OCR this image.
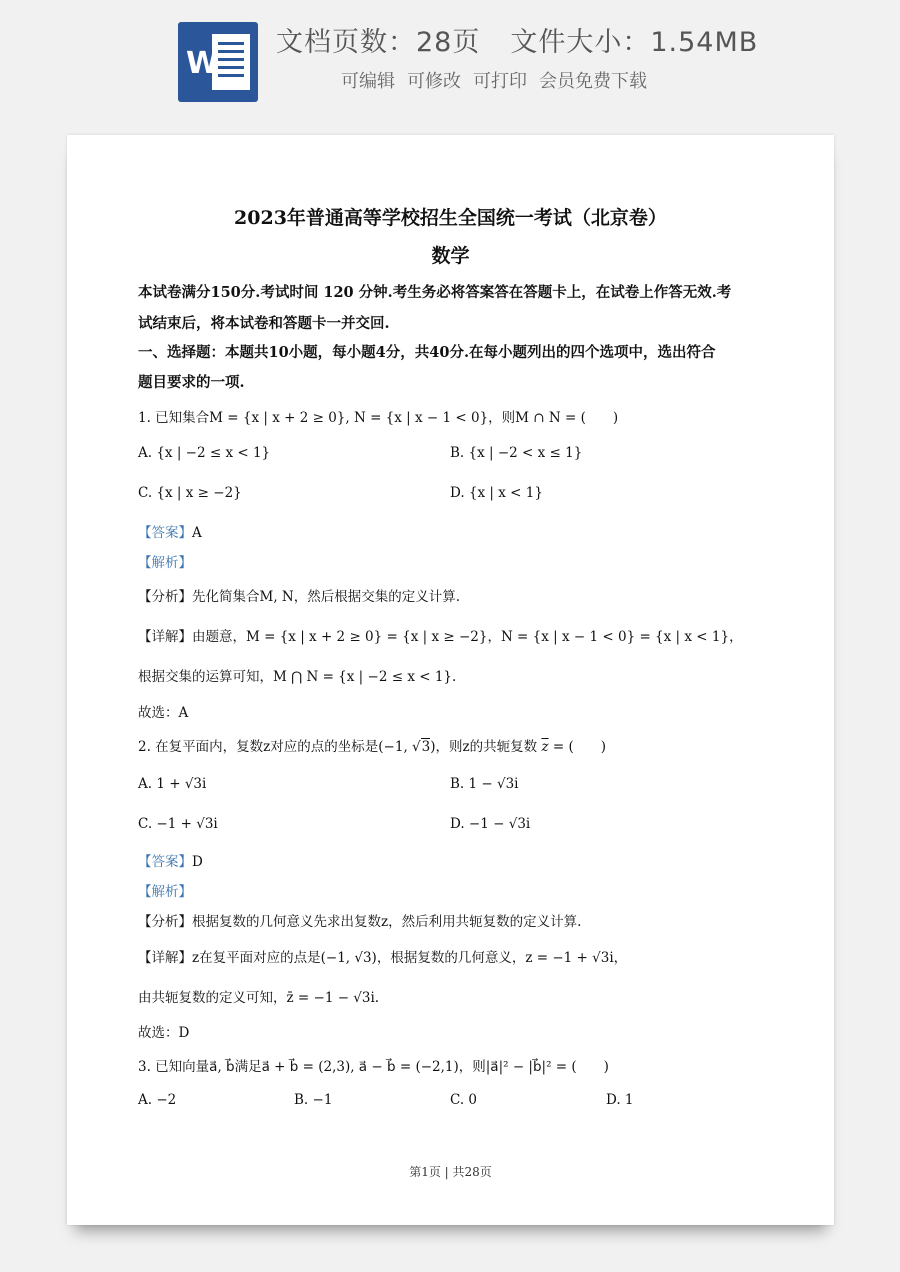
W
文档页数：28页 文件大小：1.54MB
可编辑 可修改 可打印 会员免费下载
2023年普通高等学校招生全国统一考试（北京卷）
数学
本试卷满分150分.考试时间 120 分钟.考生务必将答案答在答题卡上，在试卷上作答无效.考
试结束后，将本试卷和答题卡一并交回.
一、选择题：本题共10小题，每小题4分，共40分.在每小题列出的四个选项中，选出符合
题目要求的一项.
1. 已知集合M = {x | x + 2 ≥ 0}, N = {x | x − 1 < 0}，则M ∩ N = (　　)
A. {x | −2 ≤ x < 1}	B. {x | −2 < x ≤ 1}
C. {x | x ≥ −2}	D. {x | x < 1}
【答案】A
【解析】
【分析】先化简集合M, N，然后根据交集的定义计算.
【详解】由题意，M = {x | x + 2 ≥ 0} = {x | x ≥ −2}，N = {x | x − 1 < 0} = {x | x < 1}，
根据交集的运算可知，M ⋂ N = {x | −2 ≤ x < 1}.
故选：A
2. 在复平面内，复数z对应的点的坐标是(−1, √3)，则z的共轭复数 $\overline{z}$ = (　　)
A. 1 + √3i	B. 1 − √3i
C. −1 + √3i	D. −1 − √3i
【答案】D
【解析】
【分析】根据复数的几何意义先求出复数z，然后利用共轭复数的定义计算.
【详解】z在复平面对应的点是(−1, √3)，根据复数的几何意义，z = −1 + √3i，
由共轭复数的定义可知，z̄ = −1 − √3i.
故选：D
3. 已知向量a⃗, b⃗满足a⃗ + b⃗ = (2,3), a⃗ − b⃗ = (−2,1)，则|a⃗|² − |b⃗|² = (　　)
A. −2	B. −1	C. 0	D. 1
第1页 | 共28页
